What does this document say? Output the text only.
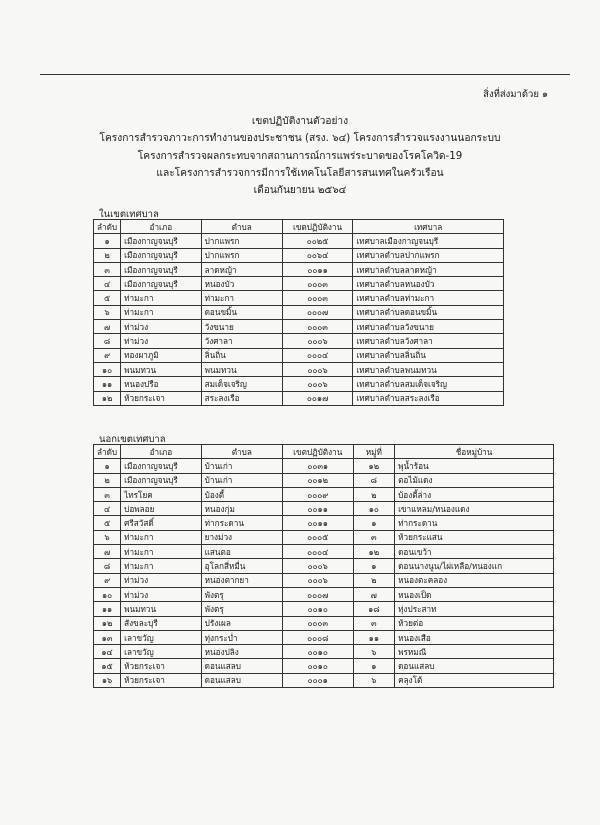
สิ่งที่ส่งมาด้วย ๑
เขตปฏิบัติงานตัวอย่าง
โครงการสำรวจภาวะการทำงานของประชาชน (สรง. ๖๔) โครงการสำรวจแรงงานนอกระบบ
โครงการสำรวจผลกระทบจากสถานการณ์การแพร่ระบาดของโรคโควิด-19
และโครงการสำรวจการมีการใช้เทคโนโลยีสารสนเทศในครัวเรือน
เดือนกันยายน ๒๕๖๔
ในเขตเทศบาล
ลำดับ	อำเภอ	ตำบล	เขตปฏิบัติงาน	เทศบาล
๑	เมืองกาญจนบุรี	ปากแพรก	๐๐๒๕	เทศบาลเมืองกาญจนบุรี
๒	เมืองกาญจนบุรี	ปากแพรก	๐๐๖๔	เทศบาลตำบลปากแพรก
๓	เมืองกาญจนบุรี	ลาดหญ้า	๐๐๑๑	เทศบาลตำบลลาดหญ้า
๔	เมืองกาญจนบุรี	หนองบัว	๐๐๐๓	เทศบาลตำบลหนองบัว
๕	ท่ามะกา	ท่ามะกา	๐๐๐๓	เทศบาลตำบลท่ามะกา
๖	ท่ามะกา	ดอนขมิ้น	๐๐๐๗	เทศบาลตำบลดอนขมิ้น
๗	ท่าม่วง	วังขนาย	๐๐๐๓	เทศบาลตำบลวังขนาย
๘	ท่าม่วง	วังศาลา	๐๐๐๖	เทศบาลตำบลวังศาลา
๙	ทองผาภูมิ	ลิ่นถิ่น	๐๐๐๔	เทศบาลตำบลลิ่นถิ่น
๑๐	พนมทวน	พนมทวน	๐๐๐๖	เทศบาลตำบลพนมทวน
๑๑	หนองปรือ	สมเด็จเจริญ	๐๐๐๖	เทศบาลตำบลสมเด็จเจริญ
๑๒	ห้วยกระเจา	สระลงเรือ	๐๐๑๗	เทศบาลตำบลสระลงเรือ
นอกเขตเทศบาล
ลำดับ	อำเภอ	ตำบล	เขตปฏิบัติงาน	หมู่ที่	ชื่อหมู่บ้าน
๑	เมืองกาญจนบุรี	บ้านเก่า	๐๐๓๑	๑๒	พุน้ำร้อน
๒	เมืองกาญจนบุรี	บ้านเก่า	๐๐๑๒	๘	ตอไม้แดง
๓	ไทรโยค	บ้องตี้	๐๐๐๙	๒	บ้องตี้ล่าง
๔	บ่อพลอย	หนองกุ่ม	๐๐๑๑	๑๐	เขาแหลม/หนองแดง
๕	ศรีสวัสดิ์	ท่ากระดาน	๐๐๑๑	๑	ท่ากระดาน
๖	ท่ามะกา	ยางม่วง	๐๐๐๕	๓	ห้วยกระแสน
๗	ท่ามะกา	แสนตอ	๐๐๐๔	๑๒	ดอนเขว้า
๘	ท่ามะกา	อุโลกสี่หมื่น	๐๐๐๖	๑	ดอนนางนูน/ไผ่เหลือ/หนองแก
๙	ท่าม่วง	หนองตากยา	๐๐๐๖	๒	หนองตะคลอง
๑๐	ท่าม่วง	พังตรุ	๐๐๐๗	๗	หนองเป็ด
๑๑	พนมทวน	พังตรุ	๐๐๑๐	๑๘	ทุ่งประสาท
๑๒	สังขละบุรี	ปรังเผล	๐๐๐๓	๓	ห้วยต่อ
๑๓	เลาขวัญ	ทุ่งกระบ่ำ	๐๐๐๘	๑๑	หนองเสือ
๑๔	เลาขวัญ	หนองปลิง	๐๐๑๐	๖	พรหมณี
๑๕	ห้วยกระเจา	ดอนแสลบ	๐๐๑๐	๑	ดอนแสลบ
๑๖	ห้วยกระเจา	ดอนแสลบ	๐๐๐๑	๖	คลุงโต้
